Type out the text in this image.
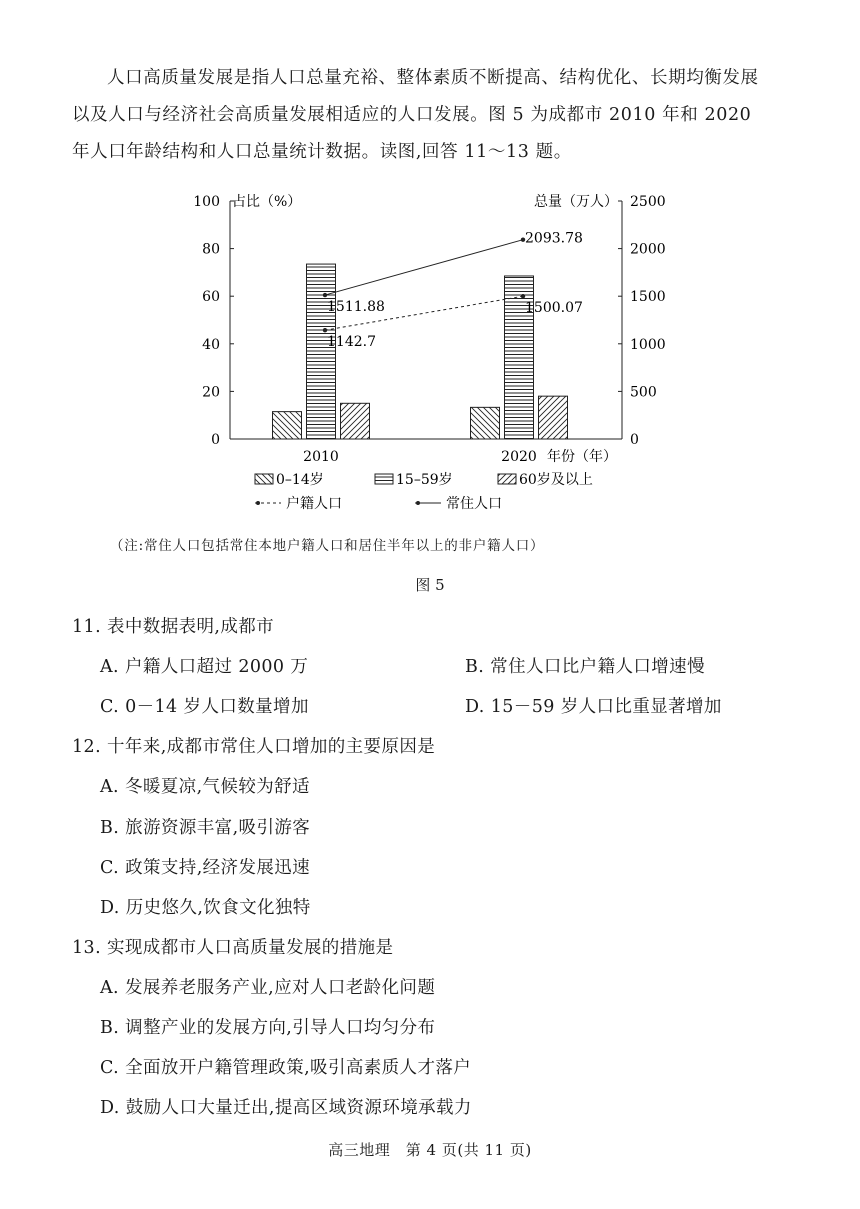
人口高质量发展是指人口总量充裕、整体素质不断提高、结构优化、长期均衡发展

以及人口与经济社会高质量发展相适应的人口发展。图 5 为成都市 2010 年和 2020

年人口年龄结构和人口总量统计数据。读图,回答 11～13 题。

100
80
60
40
20
0
2500
2000
1500
1000
500
0
占比（%）	总量（万人）
2010	2020 年份（年）
1142.7
1500.07
1511.88
2093.78
0–14岁	15–59岁	60岁及以上
户籍人口	常住人口
（注:常住人口包括常住本地户籍人口和居住半年以上的非户籍人口）
图 5
11. 表中数据表明,成都市
A. 户籍人口超过 2000 万	B. 常住人口比户籍人口增速慢
C. 0－14 岁人口数量增加	D. 15－59 岁人口比重显著增加
12. 十年来,成都市常住人口增加的主要原因是
A. 冬暖夏凉,气候较为舒适
B. 旅游资源丰富,吸引游客
C. 政策支持,经济发展迅速
D. 历史悠久,饮食文化独特
13. 实现成都市人口高质量发展的措施是
A. 发展养老服务产业,应对人口老龄化问题
B. 调整产业的发展方向,引导人口均匀分布
C. 全面放开户籍管理政策,吸引高素质人才落户
D. 鼓励人口大量迁出,提高区域资源环境承载力
高三地理　第 4 页(共 11 页)
